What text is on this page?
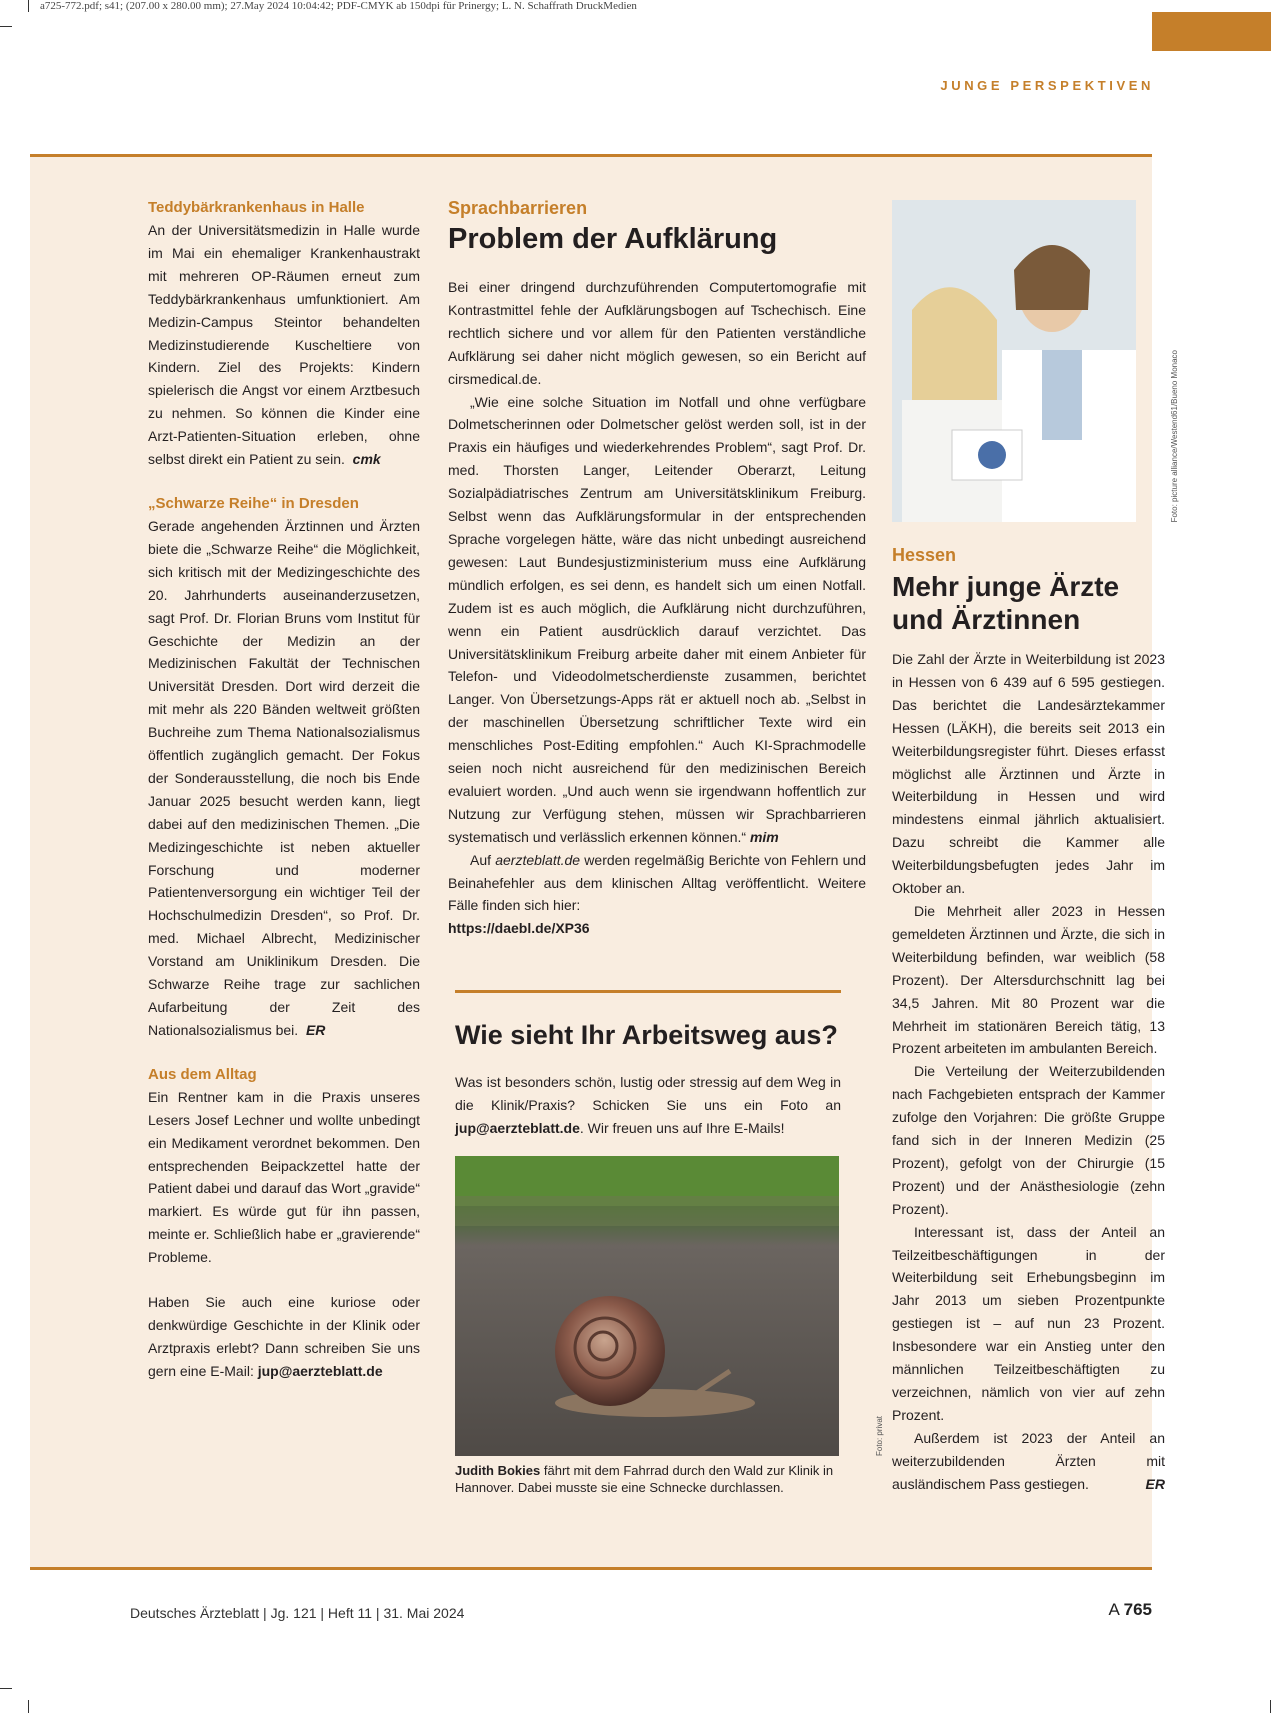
a725-772.pdf; s41; (207.00 x 280.00 mm); 27.May 2024 10:04:42; PDF-CMYK ab 150dpi für Prinergy; L. N. Schaffrath DruckMedien
JUNGE PERSPEKTIVEN
Teddybärkrankenhaus in Halle

An der Universitätsmedizin in Halle wurde im Mai ein ehemaliger Krankenhaustrakt mit mehreren OP-Räumen erneut zum Teddybärkrankenhaus umfunktioniert. Am Medizin-Campus Steintor behandelten Medizinstudierende Kuscheltiere von Kindern. Ziel des Projekts: Kindern spielerisch die Angst vor einem Arztbesuch zu nehmen. So können die Kinder eine Arzt-Patienten-Situation erleben, ohne selbst direkt ein Patient zu sein. cmk

„Schwarze Reihe“ in Dresden

Gerade angehenden Ärztinnen und Ärzten biete die „Schwarze Reihe“ die Möglichkeit, sich kritisch mit der Medizingeschichte des 20. Jahrhunderts auseinanderzusetzen, sagt Prof. Dr. Florian Bruns vom Institut für Geschichte der Medizin an der Medizinischen Fakultät der Technischen Universität Dresden. Dort wird derzeit die mit mehr als 220 Bänden weltweit größten Buchreihe zum Thema Nationalsozialismus öffentlich zugänglich gemacht. Der Fokus der Sonderausstellung, die noch bis Ende Januar 2025 besucht werden kann, liegt dabei auf den medizinischen Themen. „Die Medizingeschichte ist neben aktueller Forschung und moderner Patientenversorgung ein wichtiger Teil der Hochschulmedizin Dresden“, so Prof. Dr. med. Michael Albrecht, Medizinischer Vorstand am Uniklinikum Dresden. Die Schwarze Reihe trage zur sachlichen Aufarbeitung der Zeit des Nationalsozialismus bei. ER

Aus dem Alltag

Ein Rentner kam in die Praxis unseres Lesers Josef Lechner und wollte unbedingt ein Medikament verordnet bekommen. Den entsprechenden Beipackzettel hatte der Patient dabei und darauf das Wort „gravide“ markiert. Es würde gut für ihn passen, meinte er. Schließlich habe er „gravierende“ Probleme.

Haben Sie auch eine kuriose oder denkwürdige Geschichte in der Klinik oder Arztpraxis erlebt? Dann schreiben Sie uns gern eine E-Mail: jup@aerzteblatt.de

Sprachbarrieren
Problem der Aufklärung

Bei einer dringend durchzuführenden Computertomografie mit Kontrastmittel fehle der Aufklärungsbogen auf Tschechisch. Eine rechtlich sichere und vor allem für den Patienten verständliche Aufklärung sei daher nicht möglich gewesen, so ein Bericht auf cirsmedical.de.

„Wie eine solche Situation im Notfall und ohne verfügbare Dolmetscherinnen oder Dolmetscher gelöst werden soll, ist in der Praxis ein häufiges und wiederkehrendes Problem“, sagt Prof. Dr. med. Thorsten Langer, Leitender Oberarzt, Leitung Sozialpädiatrisches Zentrum am Universitätsklinikum Freiburg. Selbst wenn das Aufklärungsformular in der entsprechenden Sprache vorgelegen hätte, wäre das nicht unbedingt ausreichend gewesen: Laut Bundesjustizministerium muss eine Aufklärung mündlich erfolgen, es sei denn, es handelt sich um einen Notfall. Zudem ist es auch möglich, die Aufklärung nicht durchzuführen, wenn ein Patient ausdrücklich darauf verzichtet. Das Universitätsklinikum Freiburg arbeite daher mit einem Anbieter für Telefon- und Videodolmetscherdienste zusammen, berichtet Langer. Von Übersetzungs-Apps rät er aktuell noch ab. „Selbst in der maschinellen Übersetzung schriftlicher Texte wird ein menschliches Post-Editing empfohlen.“ Auch KI-Sprachmodelle seien noch nicht ausreichend für den medizinischen Bereich evaluiert worden. „Und auch wenn sie irgendwann hoffentlich zur Nutzung zur Verfügung stehen, müssen wir Sprachbarrieren systematisch und verlässlich erkennen können.“ mim

Auf aerzteblatt.de werden regelmäßig Berichte von Fehlern und Beinahefehler aus dem klinischen Alltag veröffentlicht. Weitere Fälle finden sich hier:
https://daebl.de/XP36

Wie sieht Ihr Arbeitsweg aus?

Was ist besonders schön, lustig oder stressig auf dem Weg in die Klinik/Praxis? Schicken Sie uns ein Foto an jup@aerzteblatt.de. Wir freuen uns auf Ihre E-Mails!

Foto: privat

Judith Bokies fährt mit dem Fahrrad durch den Wald zur Klinik in Hannover. Dabei musste sie eine Schnecke durchlassen.

Foto: picture alliance/Westend61/Bueno Monaco
Hessen
Mehr junge Ärzte und Ärztinnen

Die Zahl der Ärzte in Weiterbildung ist 2023 in Hessen von 6 439 auf 6 595 gestiegen. Das berichtet die Landesärztekammer Hessen (LÄKH), die bereits seit 2013 ein Weiterbildungsregister führt. Dieses erfasst möglichst alle Ärztinnen und Ärzte in Weiterbildung in Hessen und wird mindestens einmal jährlich aktualisiert. Dazu schreibt die Kammer alle Weiterbildungsbefugten jedes Jahr im Oktober an.

Die Mehrheit aller 2023 in Hessen gemeldeten Ärztinnen und Ärzte, die sich in Weiterbildung befinden, war weiblich (58 Prozent). Der Altersdurchschnitt lag bei 34,5 Jahren. Mit 80 Prozent war die Mehrheit im stationären Bereich tätig, 13 Prozent arbeiteten im ambulanten Bereich.

Die Verteilung der Weiterzubildenden nach Fachgebieten entsprach der Kammer zufolge den Vorjahren: Die größte Gruppe fand sich in der Inneren Medizin (25 Prozent), gefolgt von der Chirurgie (15 Prozent) und der Anästhesiologie (zehn Prozent).

Interessant ist, dass der Anteil an Teilzeitbeschäftigungen in der Weiterbildung seit Erhebungsbeginn im Jahr 2013 um sieben Prozentpunkte gestiegen ist – auf nun 23 Prozent. Insbesondere war ein Anstieg unter den männlichen Teilzeitbeschäftigten zu verzeichnen, nämlich von vier auf zehn Prozent.

Außerdem ist 2023 der Anteil an weiterzubildenden Ärzten mit ausländischem Pass gestiegen.	ER

Deutsches Ärzteblatt | Jg. 121 | Heft 11 | 31. Mai 2024	A 765
